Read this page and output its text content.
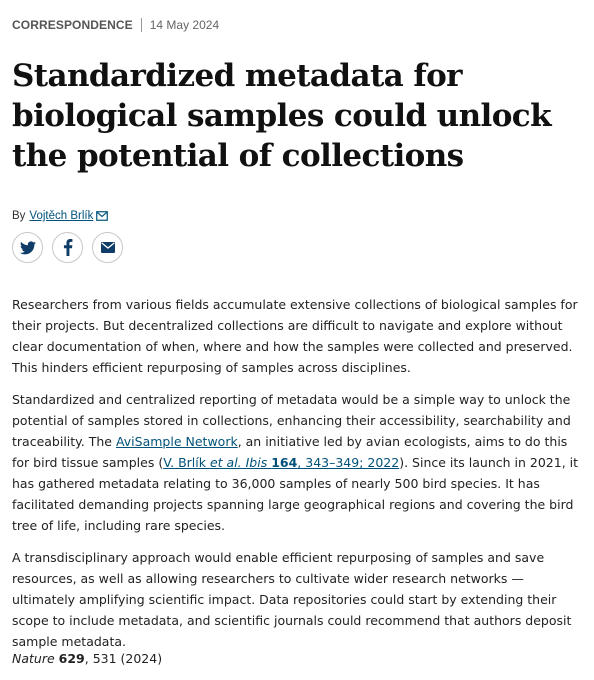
CORRESPONDENCE 14 May 2024
Standardized metadata for biological samples could unlock the potential of collections
By Vojtěch Brlík

Researchers from various fields accumulate extensive collections of biological samples for their projects. But decentralized collections are difficult to navigate and explore without clear documentation of when, where and how the samples were collected and preserved. This hinders efficient repurposing of samples across disciplines.

Standardized and centralized reporting of metadata would be a simple way to unlock the potential of samples stored in collections, enhancing their accessibility, searchability and traceability. The AviSample Network, an initiative led by avian ecologists, aims to do this for bird tissue samples (V. Brlík et al. Ibis 164, 343–349; 2022). Since its launch in 2021, it has gathered metadata relating to 36,000 samples of nearly 500 bird species. It has facilitated demanding projects spanning large geographical regions and covering the bird tree of life, including rare species.

A transdisciplinary approach would enable efficient repurposing of samples and save resources, as well as allowing researchers to cultivate wider research networks — ultimately amplifying scientific impact. Data repositories could start by extending their scope to include metadata, and scientific journals could recommend that authors deposit sample metadata.

Nature 629, 531 (2024)
